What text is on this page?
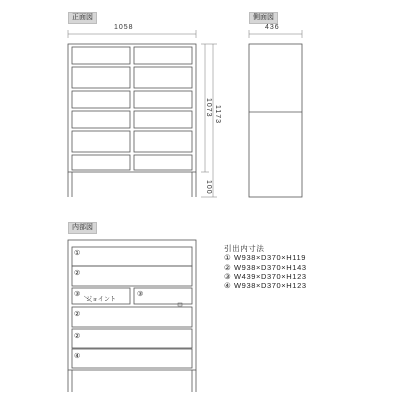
正面図	側面図
内部図
1058	436
1073 1173
100
①
②
③	③
②
②
④
ジョイント
引出内寸法
① W938×D370×H119
② W938×D370×H143
③ W439×D370×H123
④ W938×D370×H123
